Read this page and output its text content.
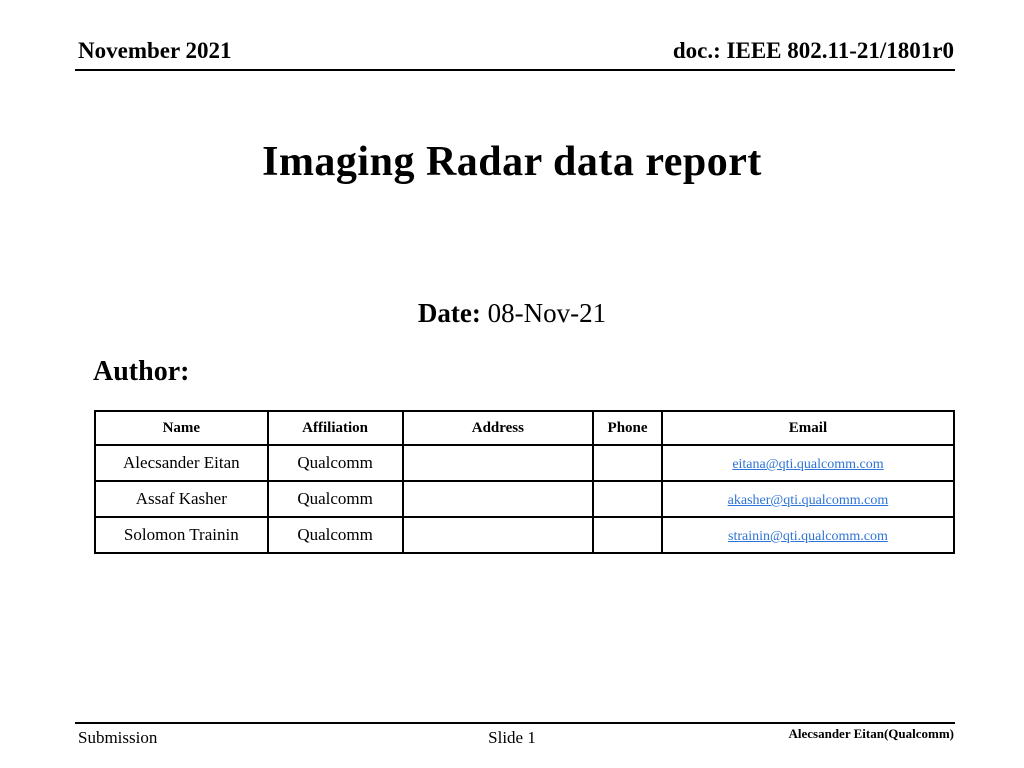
November 2021	doc.: IEEE 802.11-21/1801r0
Imaging Radar data report
Date: 08-Nov-21
Author:
Name	Affiliation	Address	Phone	Email
Alecsander Eitan	Qualcomm			eitana@qti.qualcomm.com
Assaf Kasher	Qualcomm			akasher@qti.qualcomm.com
Solomon Trainin	Qualcomm			strainin@qti.qualcomm.com
Submission	Slide 1	Alecsander Eitan(Qualcomm)
